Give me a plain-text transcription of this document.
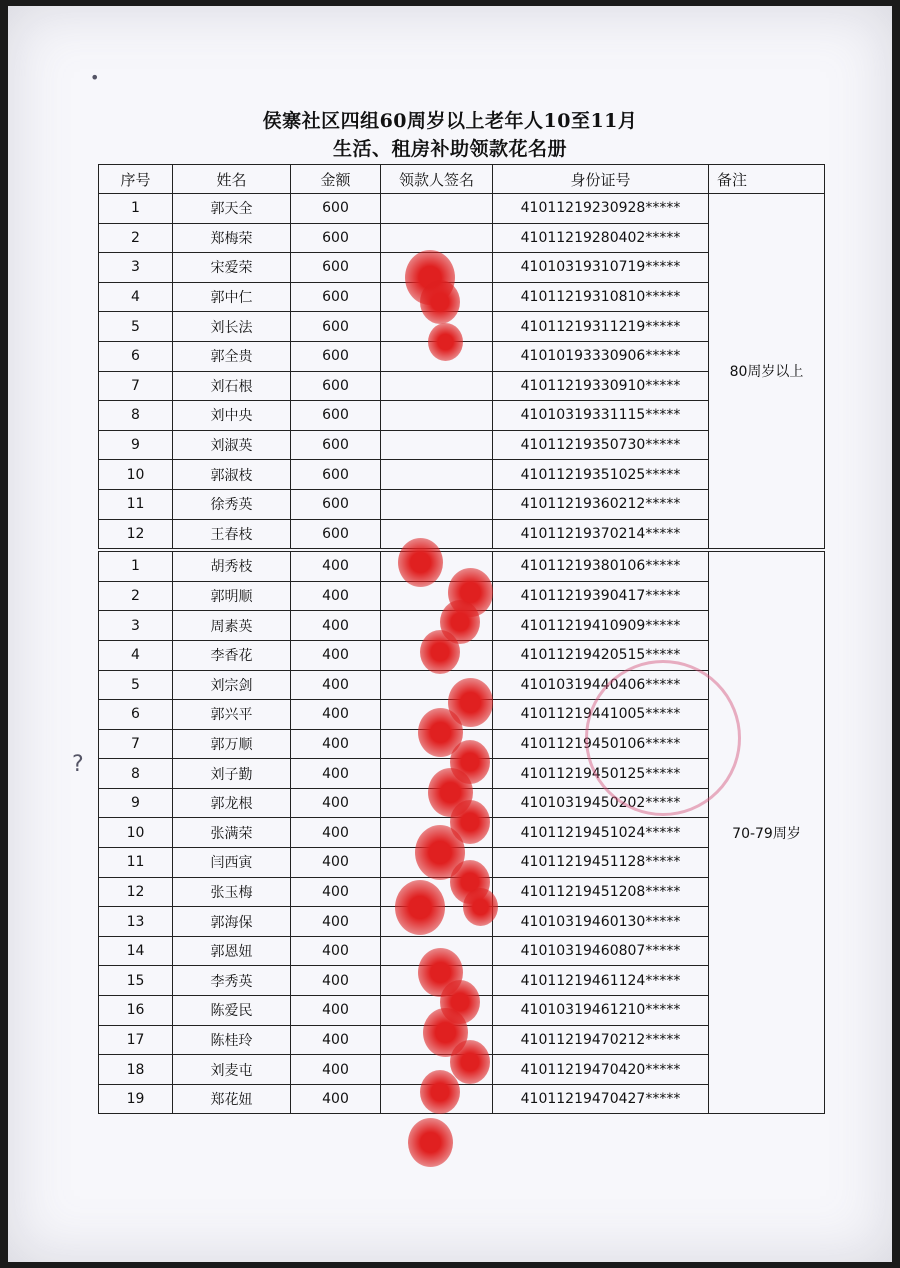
侯寨社区四组60周岁以上老年人10至11月
生活、租房补助领款花名册
•
?
序号	姓名	金额	领款人签名	身份证号	备注
1	郭天全	600		41011219230928*****	80周岁以上
2	郑梅荣	600		41011219280402*****	
3	宋爱荣	600		41010319310719*****	
4	郭中仁	600		41011219310810*****	
5	刘长法	600		41011219311219*****	
6	郭全贵	600		41010193330906*****	
7	刘石根	600		41011219330910*****	
8	刘中央	600		41010319331115*****	
9	刘淑英	600		41011219350730*****	
10	郭淑枝	600		41011219351025*****	
11	徐秀英	600		41011219360212*****	
12	王春枝	600		41011219370214*****	
1	胡秀枝	400		41011219380106*****	70-79周岁
2	郭明顺	400		41011219390417*****	
3	周素英	400		41011219410909*****	
4	李香花	400		41011219420515*****	
5	刘宗剑	400		41010319440406*****	
6	郭兴平	400		41011219441005*****	
7	郭万顺	400		41011219450106*****	
8	刘子勤	400		41011219450125*****	
9	郭龙根	400		41010319450202*****	
10	张满荣	400		41011219451024*****	
11	闫西寅	400		41011219451128*****	
12	张玉梅	400		41011219451208*****	
13	郭海保	400		41010319460130*****	
14	郭恩妞	400		41010319460807*****	
15	李秀英	400		41011219461124*****	
16	陈爱民	400		41010319461210*****	
17	陈桂玲	400		41011219470212*****	
18	刘麦屯	400		41011219470420*****	
19	郑花妞	400		41011219470427*****	
